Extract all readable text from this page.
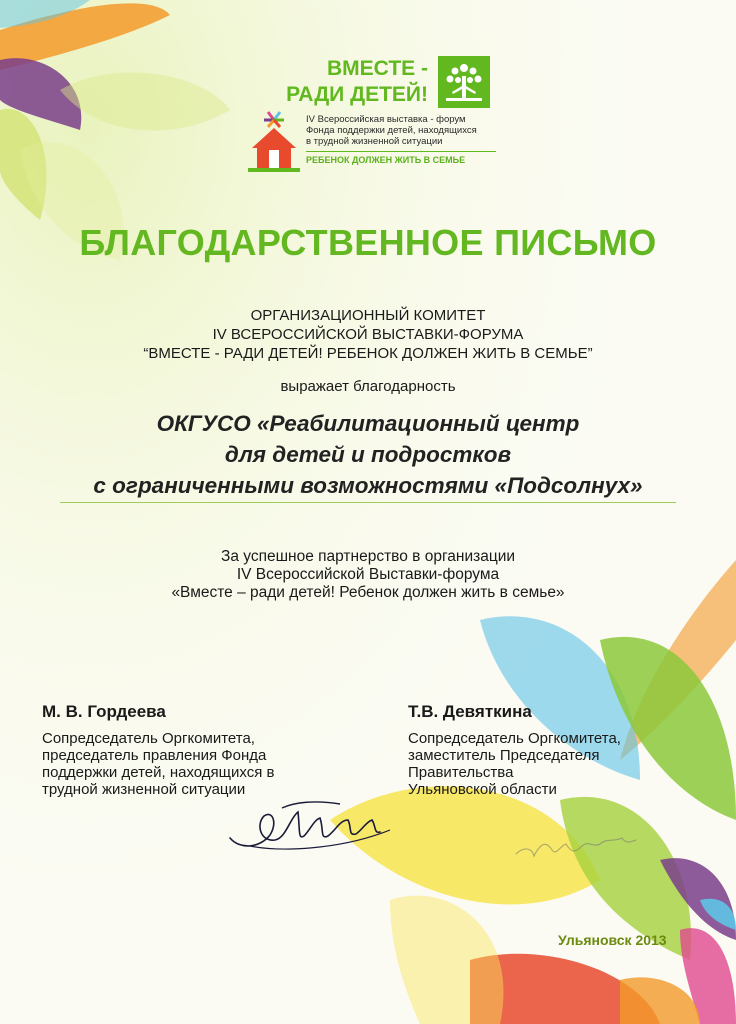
ВМЕСТЕ -
РАДИ ДЕТЕЙ!
IV Всероссийская выставка - форум
Фонда поддержки детей, находящихся
в трудной жизненной ситуации
РЕБЕНОК ДОЛЖЕН ЖИТЬ В СЕМЬЕ
БЛАГОДАРСТВЕННОЕ ПИСЬМО
ОРГАНИЗАЦИОННЫЙ КОМИТЕТ
IV ВСЕРОССИЙСКОЙ ВЫСТАВКИ-ФОРУМА
“ВМЕСТЕ - РАДИ ДЕТЕЙ! РЕБЕНОК ДОЛЖЕН ЖИТЬ В СЕМЬЕ”
выражает благодарность
ОКГУСО «Реабилитационный центр
для детей и подростков
с ограниченными возможностями «Подсолнух»
За успешное партнерство в организации
IV Всероссийской Выставки-форума
«Вместе – ради детей! Ребенок должен жить в семье»
М. В. Гордеева
Сопредседатель Оргкомитета,
председатель правления Фонда
поддержки детей, находящихся в
трудной жизненной ситуации
Т.В. Девяткина
Сопредседатель Оргкомитета,
заместитель Председателя
Правительства
Ульяновской области
Ульяновск 2013
